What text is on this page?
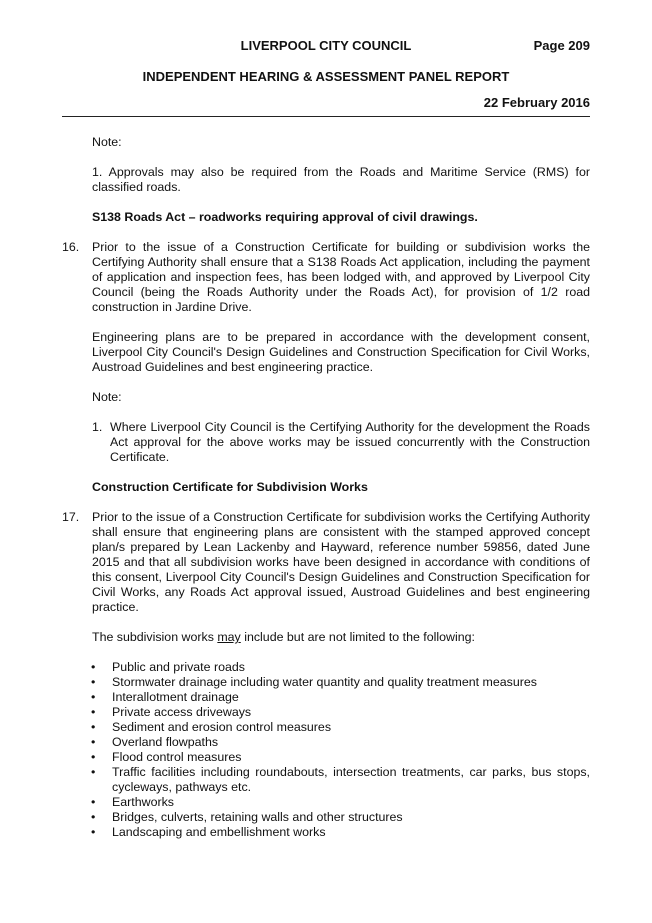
LIVERPOOL CITY COUNCIL	Page 209
INDEPENDENT HEARING & ASSESSMENT PANEL REPORT
22 February 2016

Note:

1. Approvals may also be required from the Roads and Maritime Service (RMS) for classified roads.

S138 Roads Act – roadworks requiring approval of civil drawings.

16. Prior to the issue of a Construction Certificate for building or subdivision works the Certifying Authority shall ensure that a S138 Roads Act application, including the payment of application and inspection fees, has been lodged with, and approved by Liverpool City Council (being the Roads Authority under the Roads Act), for provision of 1/2 road construction in Jardine Drive.

Engineering plans are to be prepared in accordance with the development consent, Liverpool City Council's Design Guidelines and Construction Specification for Civil Works, Austroad Guidelines and best engineering practice.

Note:

1. Where Liverpool City Council is the Certifying Authority for the development the Roads Act approval for the above works may be issued concurrently with the Construction Certificate.

Construction Certificate for Subdivision Works

17. Prior to the issue of a Construction Certificate for subdivision works the Certifying Authority shall ensure that engineering plans are consistent with the stamped approved concept plan/s prepared by Lean Lackenby and Hayward, reference number 59856, dated June 2015 and that all subdivision works have been designed in accordance with conditions of this consent, Liverpool City Council's Design Guidelines and Construction Specification for Civil Works, any Roads Act approval issued, Austroad Guidelines and best engineering practice.

The subdivision works may include but are not limited to the following:

• Public and private roads
• Stormwater drainage including water quantity and quality treatment measures
• Interallotment drainage
• Private access driveways
• Sediment and erosion control measures
• Overland flowpaths
• Flood control measures
• Traffic facilities including roundabouts, intersection treatments, car parks, bus stops, cycleways, pathways etc.
• Earthworks
• Bridges, culverts, retaining walls and other structures
• Landscaping and embellishment works
